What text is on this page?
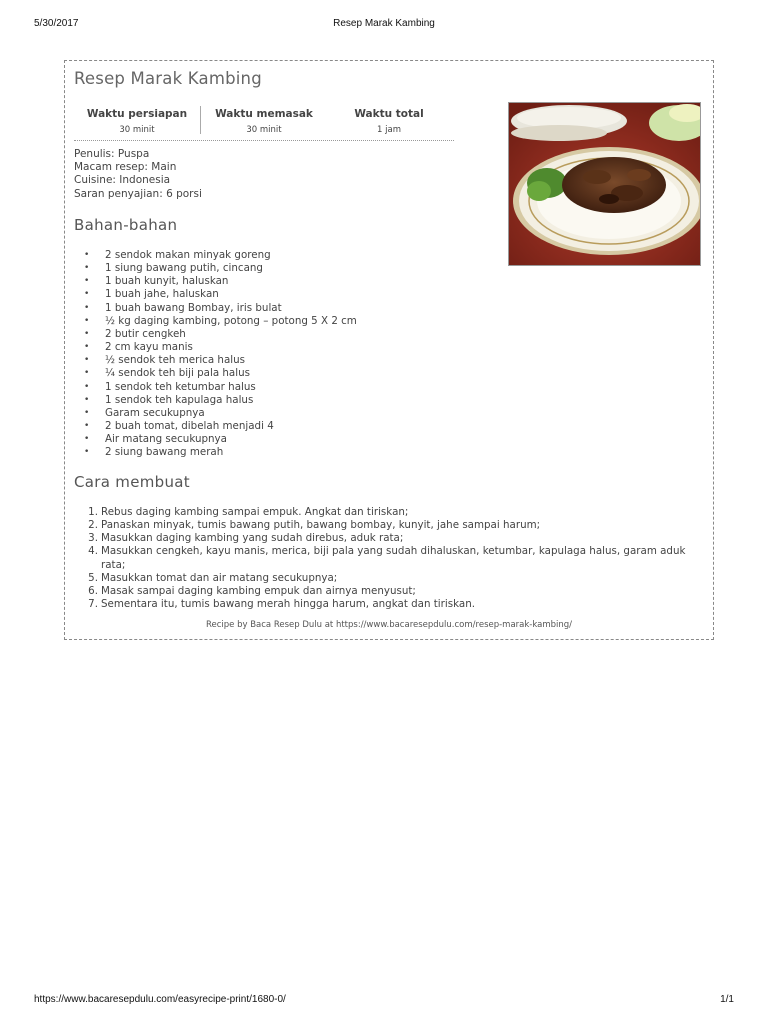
5/30/2017	Resep Marak Kambing
Resep Marak Kambing
Waktu persiapan
30 minit
Waktu memasak
30 minit
Waktu total
1 jam
Penulis: Puspa
Macam resep: Main
Cuisine: Indonesia
Saran penyajian: 6 porsi
Bahan-bahan
• 2 sendok makan minyak goreng
• 1 siung bawang putih, cincang
• 1 buah kunyit, haluskan
• 1 buah jahe, haluskan
• 1 buah bawang Bombay, iris bulat
• ½ kg daging kambing, potong – potong 5 X 2 cm
• 2 butir cengkeh
• 2 cm kayu manis
• ½ sendok teh merica halus
• ¼ sendok teh biji pala halus
• 1 sendok teh ketumbar halus
• 1 sendok teh kapulaga halus
• Garam secukupnya
• 2 buah tomat, dibelah menjadi 4
• Air matang secukupnya
• 2 siung bawang merah
Cara membuat
1. Rebus daging kambing sampai empuk. Angkat dan tiriskan;
2. Panaskan minyak, tumis bawang putih, bawang bombay, kunyit, jahe sampai harum;
3. Masukkan daging kambing yang sudah direbus, aduk rata;
4. Masukkan cengkeh, kayu manis, merica, biji pala yang sudah dihaluskan, ketumbar, kapulaga halus, garam aduk rata;
5. Masukkan tomat dan air matang secukupnya;
6. Masak sampai daging kambing empuk dan airnya menyusut;
7. Sementara itu, tumis bawang merah hingga harum, angkat dan tiriskan.
Recipe by Baca Resep Dulu at https://www.bacaresepdulu.com/resep-marak-kambing/
https://www.bacaresepdulu.com/easyrecipe-print/1680-0/	1/1
